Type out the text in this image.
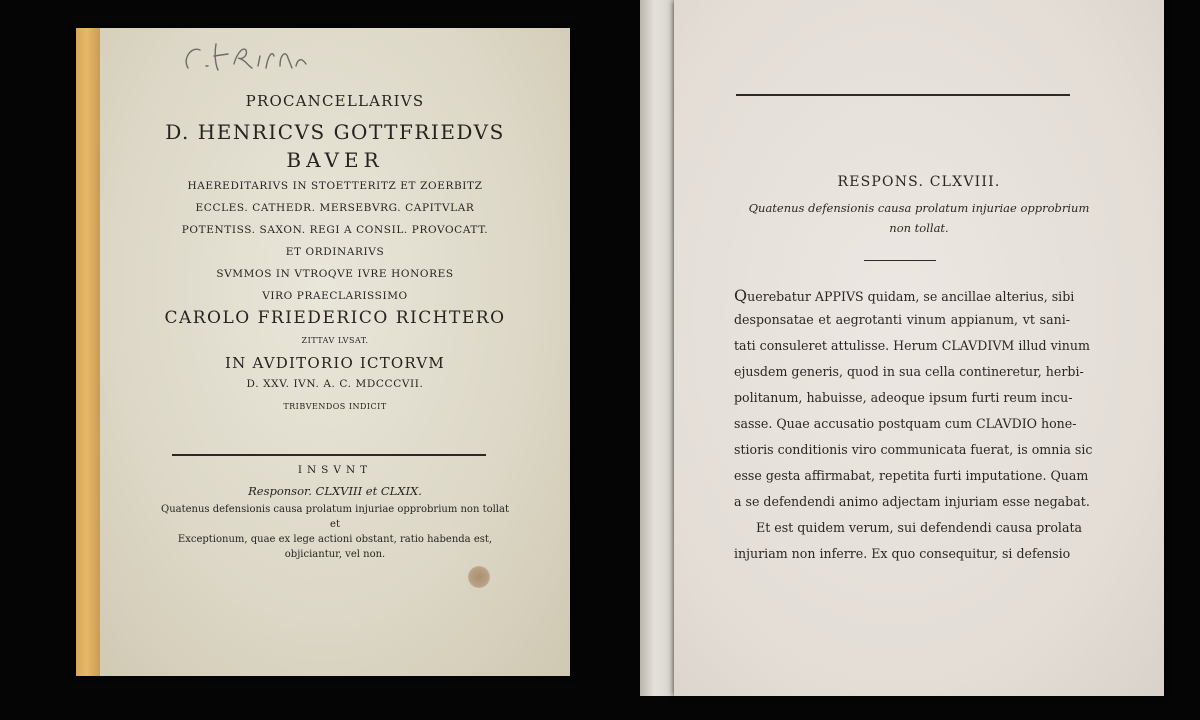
PROCANCELLARIVS
D. HENRICVS GOTTFRIEDVS
BAVER
HAEREDITARIVS IN STOETTERITZ ET ZOERBITZ
ECCLES. CATHEDR. MERSEBVRG. CAPITVLAR
POTENTISS. SAXON. REGI A CONSIL. PROVOCATT.
ET ORDINARIVS
SVMMOS IN VTROQVE IVRE HONORES
VIRO PRAECLARISSIMO
CAROLO FRIEDERICO RICHTERO
ZITTAV LVSAT.
IN AVDITORIO ICTORVM
D. XXV. IVN. A. C. MDCCCVII.
TRIBVENDOS INDICIT
INSVNT
Responsor. CLXVIII et CLXIX.
Quatenus defensionis causa prolatum injuriae opprobrium non tollat
et
Exceptionum, quae ex lege actioni obstant, ratio habenda est,
objiciantur, vel non.
RESPONS. CLXVIII.
Quatenus defensionis causa prolatum injuriae opprobrium
non tollat.
Querebatur APPIVS quidam, se ancillae alterius, sibi
desponsatae et aegrotanti vinum appianum, vt sani-
tati consuleret attulisse. Herum CLAVDIVM illud vinum
ejusdem generis, quod in sua cella contineretur, herbi-
politanum, habuisse, adeoque ipsum furti reum incu-
sasse. Quae accusatio postquam cum CLAVDIO hone-
stioris conditionis viro communicata fuerat, is omnia sic
esse gesta affirmabat, repetita furti imputatione. Quam
a se defendendi animo adjectam injuriam esse negabat.
Et est quidem verum, sui defendendi causa prolata
injuriam non inferre. Ex quo consequitur, si defensio
